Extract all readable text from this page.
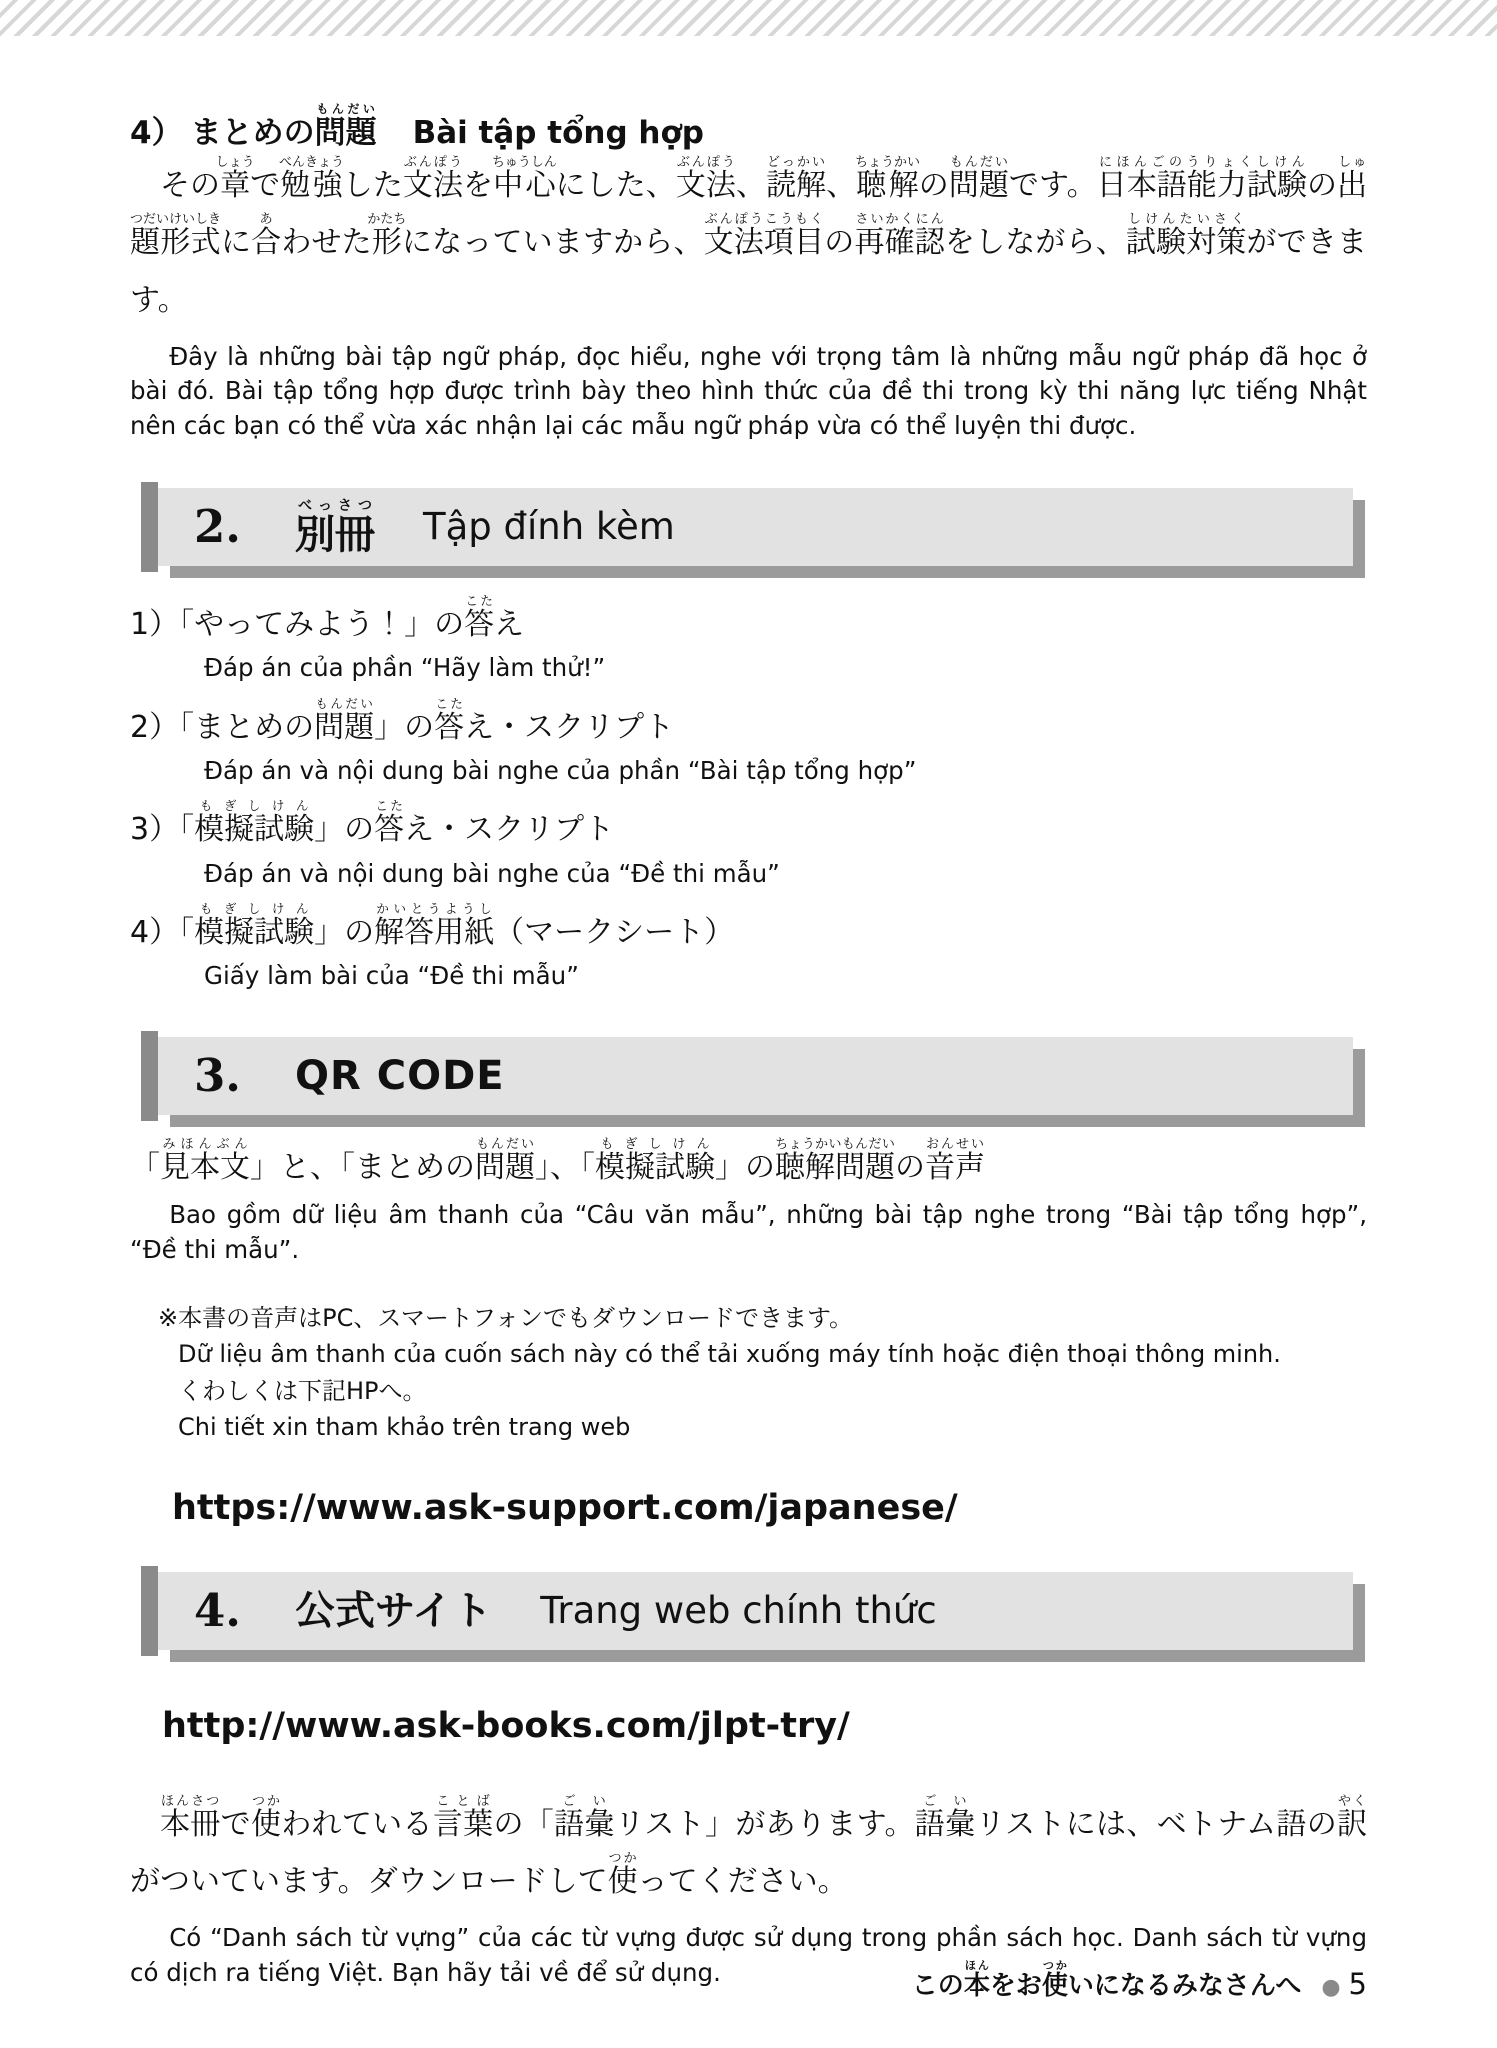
4） まとめの問題もんだい
Bài tập tổng hợp

その章しょうで勉強べんきょうした文法ぶんぽうを中心ちゅうしんにした、文法ぶんぽう、読解どっかい、聴解ちょうかいの問題もんだいです。日本語能力試験にほんごのうりょくしけんの出題形式しゅつだいけいしきに合あわせた形かたちになっていますから、文法項目ぶんぽうこうもくの再確認さいかくにんをしながら、試験対策しけんたいさくができます。

Đây là những bài tập ngữ pháp, đọc hiểu, nghe với trọng tâm là những mẫu ngữ pháp đã học ở bài đó. Bài tập tổng hợp được trình bày theo hình thức của đề thi trong kỳ thi năng lực tiếng Nhật nên các bạn có thể vừa xác nhận lại các mẫu ngữ pháp vừa có thể luyện thi được.

2. 別冊べっさつ Tập đính kèm
1）「やってみよう！」の答こたえ
Đáp án của phần “Hãy làm thử!”
2）「まとめの問題もんだい」の答こたえ・スクリプト
Đáp án và nội dung bài nghe của phần “Bài tập tổng hợp”
3）「模擬試験もぎしけん」の答こたえ・スクリプト
Đáp án và nội dung bài nghe của “Đề thi mẫu”
4）「模擬試験もぎしけん」の解答用紙かいとうようし（マークシート）
Giấy làm bài của “Đề thi mẫu”
3. QR CODE

「見本文みほんぶん」と、「まとめの問題もんだい」、「模擬試験もぎしけん」の聴解問題ちょうかいもんだいの音声おんせい

Bao gồm dữ liệu âm thanh của “Câu văn mẫu”, những bài tập nghe trong “Bài tập tổng hợp”, “Đề thi mẫu”.

※本書の音声はPC、スマートフォンでもダウンロードできます。
Dữ liệu âm thanh của cuốn sách này có thể tải xuống máy tính hoặc điện thoại thông minh.
くわしくは下記HPへ。
Chi tiết xin tham khảo trên trang web
https://www.ask-support.com/japanese/
4. 公式サイト Trang web chính thức
http://www.ask-books.com/jlpt-try/

本冊ほんさつで使つかわれている言葉ことばの「語彙ごいリスト」があります。語彙ごいリストには、ベトナム語の訳やくがついています。ダウンロードして使つかってください。

Có “Danh sách từ vựng” của các từ vựng được sử dụng trong phần sách học. Danh sách từ vựng có dịch ra tiếng Việt. Bạn hãy tải về để sử dụng.	この本ほんをお使つかいになるみなさんへ ● 5
